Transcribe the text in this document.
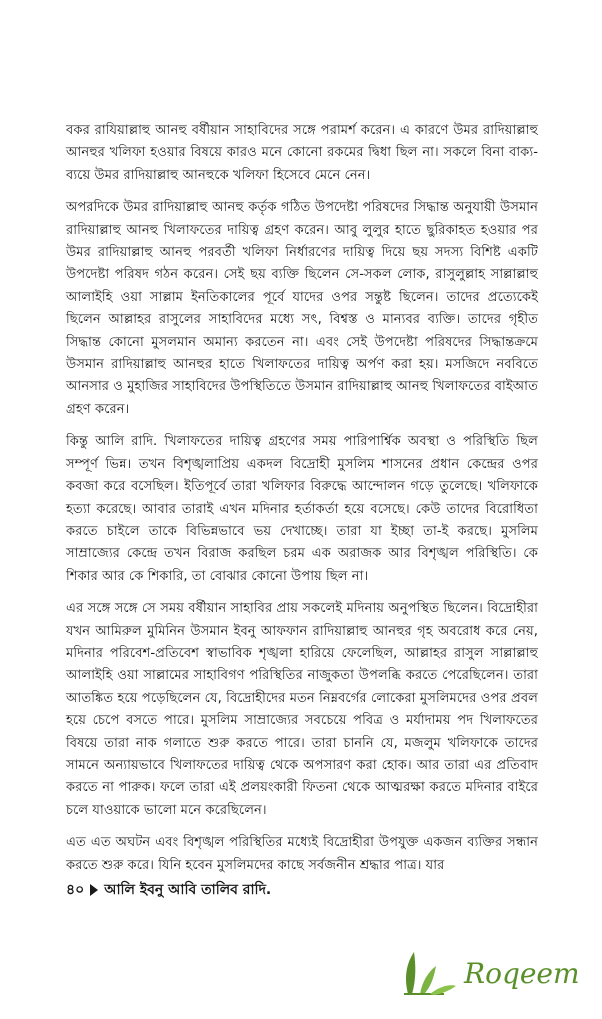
বকর রাযিয়াল্লাহু আনহু বর্ষীয়ান সাহাবিদের সঙ্গে পরামর্শ করেন। এ কারণে উমর রাদিয়াল্লাহু আনহুর খলিফা হওয়ার বিষয়ে কারও মনে কোনো রকমের দ্বিধা ছিল না। সকলে বিনা বাক্য-ব্যয়ে উমর রাদিয়াল্লাহু আনহুকে খলিফা হিসেবে মেনে নেন।

অপরদিকে উমর রাদিয়াল্লাহু আনহু কর্তৃক গঠিত উপদেষ্টা পরিষদের সিদ্ধান্ত অনুযায়ী উসমান রাদিয়াল্লাহু আনহু খিলাফতের দায়িত্ব গ্রহণ করেন। আবু লুলুর হাতে ছুরিকাহত হওয়ার পর উমর রাদিয়াল্লাহু আনহু পরবর্তী খলিফা নির্ধারণের দায়িত্ব দিয়ে ছয় সদস্য বিশিষ্ট একটি উপদেষ্টা পরিষদ গঠন করেন। সেই ছয় ব্যক্তি ছিলেন সে-সকল লোক, রাসুলুল্লাহ সাল্লাল্লাহু আলাইহি ওয়া সাল্লাম ইনতিকালের পূর্বে যাদের ওপর সন্তুষ্ট ছিলেন। তাদের প্রত্যেকেই ছিলেন আল্লাহর রাসুলের সাহাবিদের মধ্যে সৎ, বিশ্বস্ত ও মান্যবর ব্যক্তি। তাদের গৃহীত সিদ্ধান্ত কোনো মুসলমান অমান্য করতেন না। এবং সেই উপদেষ্টা পরিষদের সিদ্ধান্তক্রমে উসমান রাদিয়াল্লাহু আনহুর হাতে খিলাফতের দায়িত্ব অর্পণ করা হয়। মসজিদে নববিতে আনসার ও মুহাজির সাহাবিদের উপস্থিতিতে উসমান রাদিয়াল্লাহু আনহু খিলাফতের বাইআত গ্রহণ করেন।

কিন্তু আলি রাদি. খিলাফতের দায়িত্ব গ্রহণের সময় পারিপার্শ্বিক অবস্থা ও পরিস্থিতি ছিল সম্পূর্ণ ভিন্ন। তখন বিশৃঙ্খলাপ্রিয় একদল বিদ্রোহী মুসলিম শাসনের প্রধান কেন্দ্রের ওপর কবজা করে বসেছিল। ইতিপূর্বে তারা খলিফার বিরুদ্ধে আন্দোলন গড়ে তুলেছে। খলিফাকে হত্যা করেছে। আবার তারাই এখন মদিনার হর্তাকর্তা হয়ে বসেছে। কেউ তাদের বিরোধিতা করতে চাইলে তাকে বিভিন্নভাবে ভয় দেখাচ্ছে। তারা যা ইচ্ছা তা-ই করছে। মুসলিম সাম্রাজ্যের কেন্দ্রে তখন বিরাজ করছিল চরম এক অরাজক আর বিশৃঙ্খল পরিস্থিতি। কে শিকার আর কে শিকারি, তা বোঝার কোনো উপায় ছিল না।

এর সঙ্গে সঙ্গে সে সময় বর্ষীয়ান সাহাবির প্রায় সকলেই মদিনায় অনুপস্থিত ছিলেন। বিদ্রোহীরা যখন আমিরুল মুমিনিন উসমান ইবনু আফফান রাদিয়াল্লাহু আনহুর গৃহ অবরোধ করে নেয়, মদিনার পরিবেশ-প্রতিবেশ স্বাভাবিক শৃঙ্খলা হারিয়ে ফেলেছিল, আল্লাহর রাসুল সাল্লাল্লাহু আলাইহি ওয়া সাল্লামের সাহাবিগণ পরিস্থিতির নাজুকতা উপলব্ধি করতে পেরেছিলেন। তারা আতঙ্কিত হয়ে পড়েছিলেন যে, বিদ্রোহীদের মতন নিম্নবর্গের লোকেরা মুসলিমদের ওপর প্রবল হয়ে চেপে বসতে পারে। মুসলিম সাম্রাজ্যের সবচেয়ে পবিত্র ও মর্যাদাময় পদ খিলাফতের বিষয়ে তারা নাক গলাতে শুরু করতে পারে। তারা চাননি যে, মজলুম খলিফাকে তাদের সামনে অন্যায়ভাবে খিলাফতের দায়িত্ব থেকে অপসারণ করা হোক। আর তারা এর প্রতিবাদ করতে না পারুক। ফলে তারা এই প্রলয়ংকারী ফিতনা থেকে আত্মরক্ষা করতে মদিনার বাইরে চলে যাওয়াকে ভালো মনে করেছিলেন।

এত এত অঘটন এবং বিশৃঙ্খল পরিস্থিতির মধ্যেই বিদ্রোহীরা উপযুক্ত একজন ব্যক্তির সন্ধান করতে শুরু করে। যিনি হবেন মুসলিমদের কাছে সর্বজনীন শ্রদ্ধার পাত্র। যার

৪০ আলি ইবনু আবি তালিব রাদি.
Roqeem
